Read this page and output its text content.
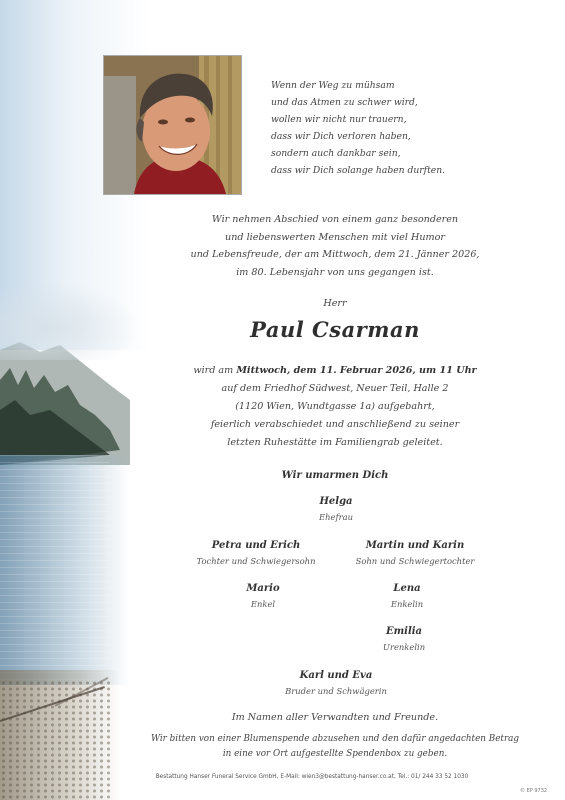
Wenn der Weg zu mühsam
und das Atmen zu schwer wird,
wollen wir nicht nur trauern,
dass wir Dich verloren haben,
sondern auch dankbar sein,
dass wir Dich solange haben durften.
Wir nehmen Abschied von einem ganz besonderen
und liebenswerten Menschen mit viel Humor
und Lebensfreude, der am Mittwoch, dem 21. Jänner 2026,
im 80. Lebensjahr von uns gegangen ist.
Herr
Paul Csarman
wird am Mittwoch, dem 11. Februar 2026, um 11 Uhr
auf dem Friedhof Südwest, Neuer Teil, Halle 2
(1120 Wien, Wundtgasse 1a) aufgebahrt,
feierlich verabschiedet und anschließend zu seiner
letzten Ruhestätte im Familiengrab geleitet.
Wir umarmen Dich
Helga
Ehefrau
Petra und Erich
Tochter und Schwiegersohn
Martin und Karin
Sohn und Schwiegertochter
Mario
Enkel
Lena
Enkelin
Emilia
Urenkelin
Karl und Eva
Bruder und Schwägerin
Im Namen aller Verwandten und Freunde.
Wir bitten von einer Blumenspende abzusehen und den dafür angedachten Betrag
in eine vor Ort aufgestellte Spendenbox zu geben.
Bestattung Hanser Funeral Service GmbH, E-Mail: wien3@bestattung-hanser.co.at, Tel.: 01/ 244 33 52 1030
© EP 9732
